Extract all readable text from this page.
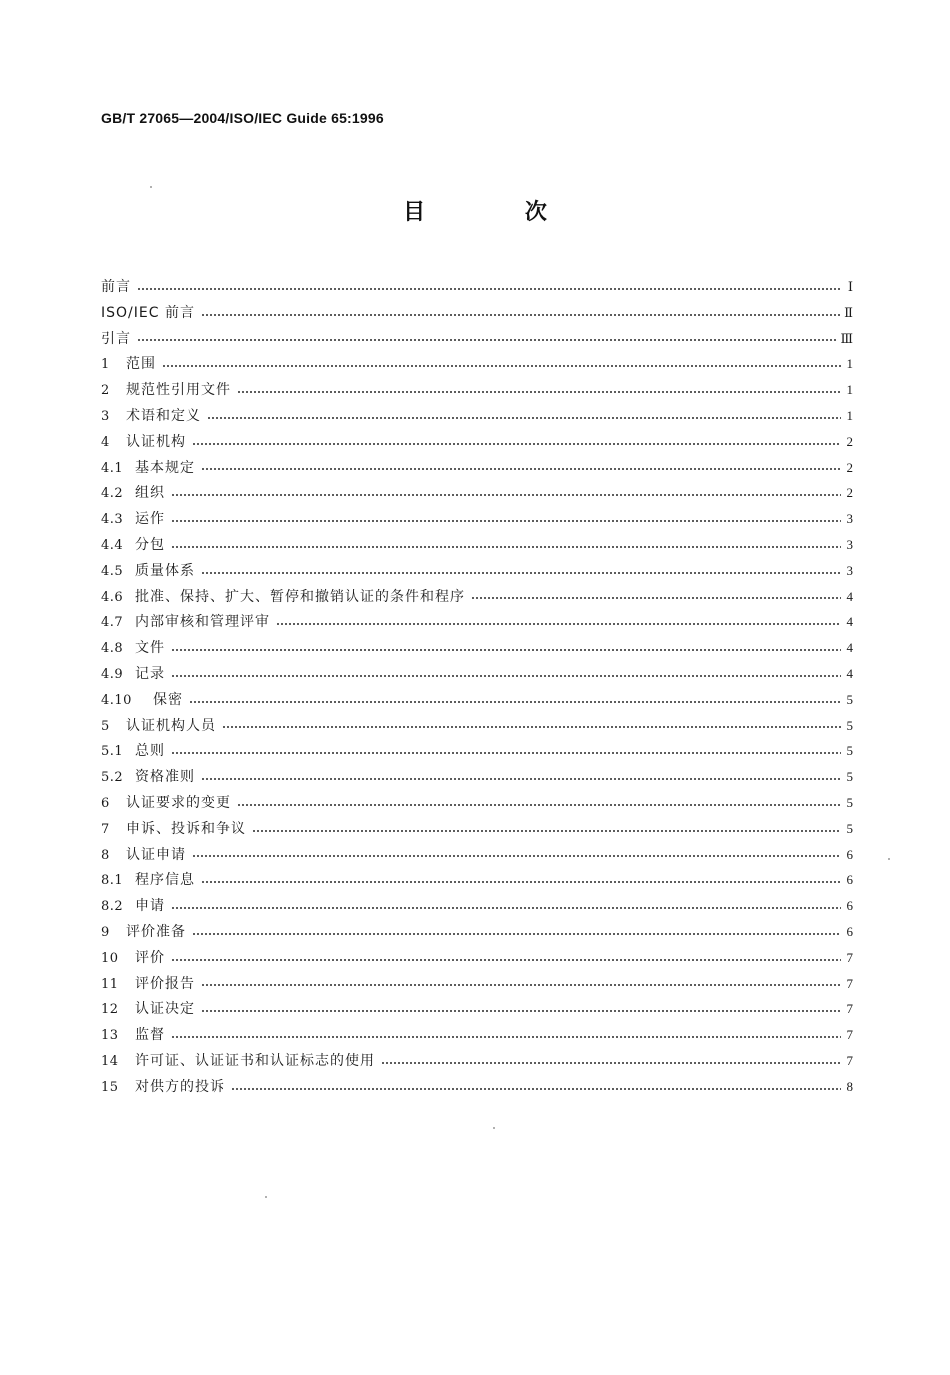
GB/T 27065—2004/ISO/IEC Guide 65:1996
目 次
前言	Ⅰ
ISO/IEC 前言	Ⅱ
引言	Ⅲ
1	范围	1
2	规范性引用文件	1
3	术语和定义	1
4	认证机构	2
4.1 基本规定	2
4.2 组织	2
4.3 运作	3
4.4 分包	3
4.5 质量体系	3
4.6 批准、保持、扩大、暂停和撤销认证的条件和程序	4
4.7 内部审核和管理评审	4
4.8 文件	4
4.9 记录	4
4.10	保密	5
5	认证机构人员	5
5.1 总则	5
5.2 资格准则	5
6	认证要求的变更	5
7	申诉、投诉和争议	5
8	认证申请	6
8.1 程序信息	6
8.2 申请	6
9	评价准备	6
10	评价	7
11	评价报告	7
12	认证决定	7
13	监督	7
14	许可证、认证证书和认证标志的使用	7
15	对供方的投诉	8
